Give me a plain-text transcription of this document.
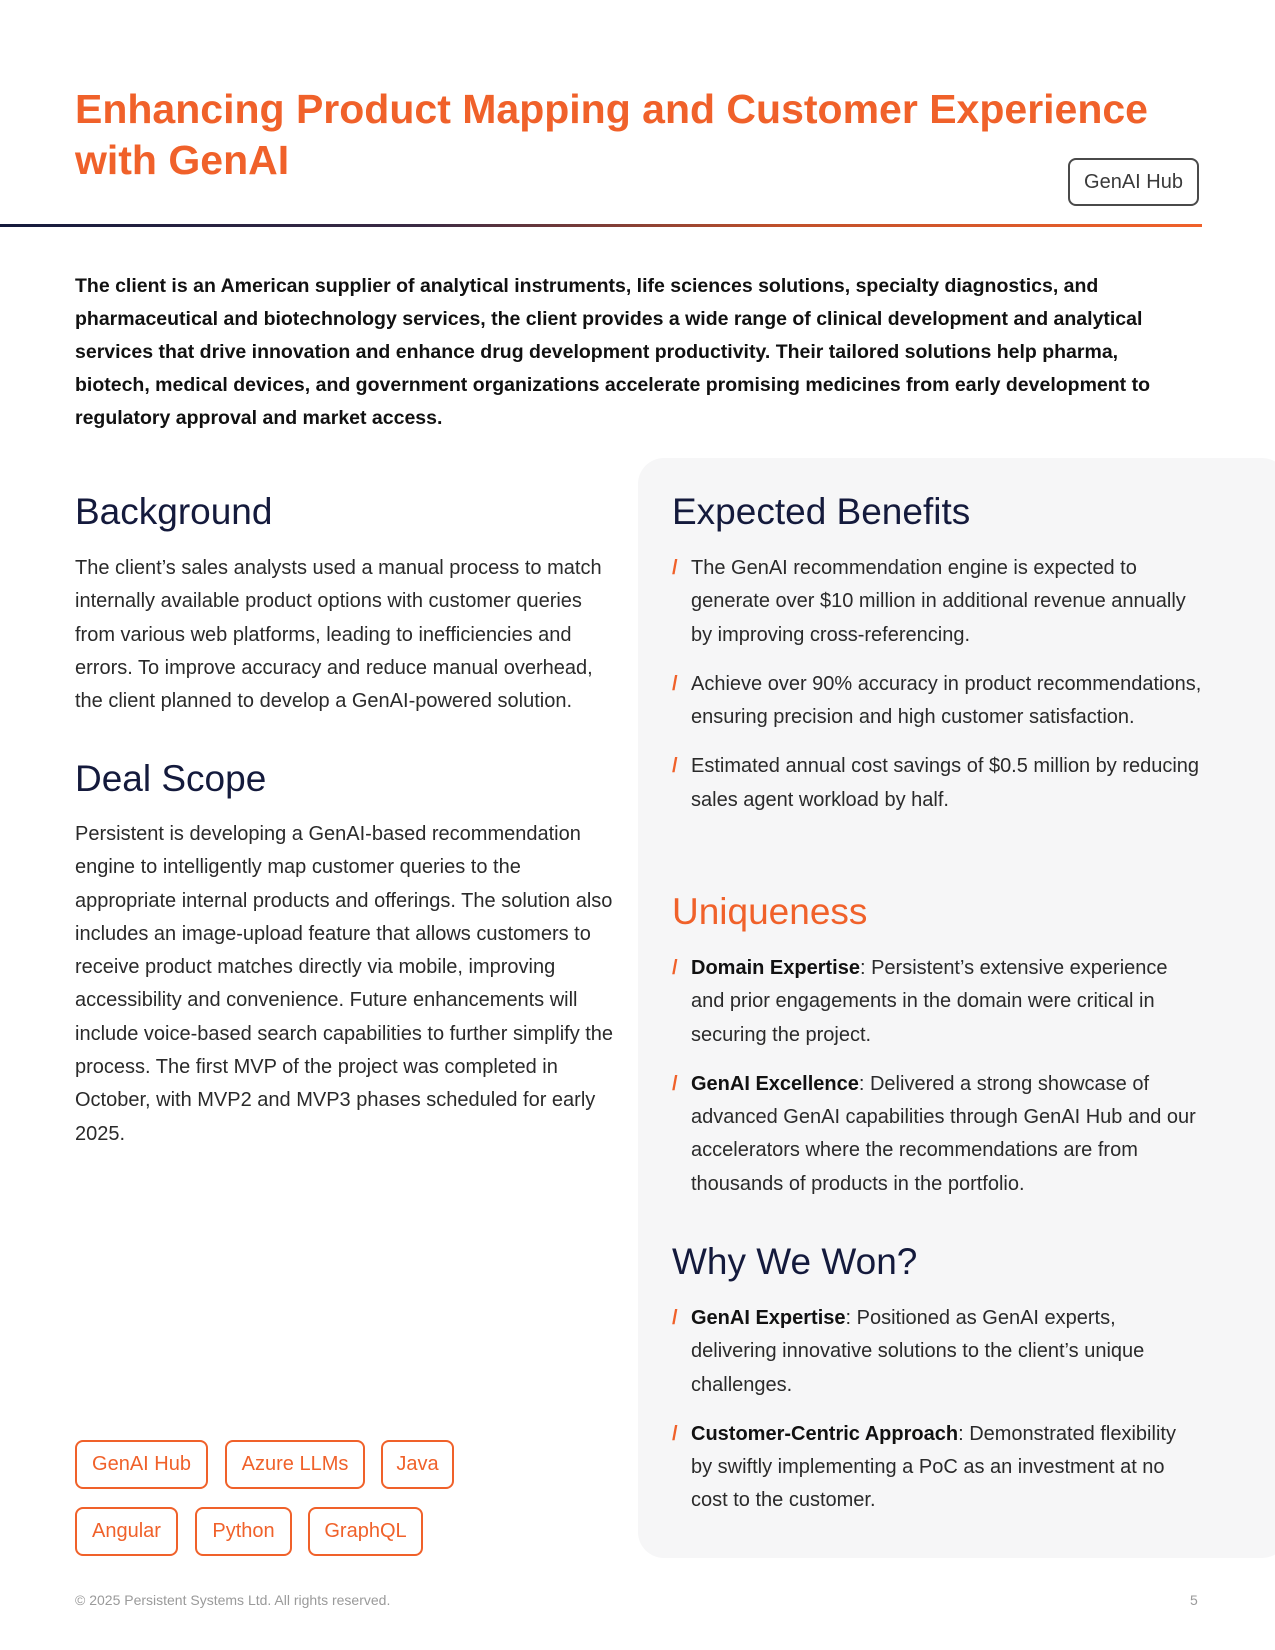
Enhancing Product Mapping and Customer Experience with GenAI	GenAI Hub

The client is an American supplier of analytical instruments, life sciences solutions, specialty diagnostics, and pharmaceutical and biotechnology services, the client provides a wide range of clinical development and analytical services that drive innovation and enhance drug development productivity. Their tailored solutions help pharma, biotech, medical devices, and government organizations accelerate promising medicines from early development to regulatory approval and market access.

Background

The client’s sales analysts used a manual process to match internally available product options with customer queries from various web platforms, leading to inefficiencies and errors. To improve accuracy and reduce manual overhead, the client planned to develop a GenAI-powered solution.

Deal Scope

Persistent is developing a GenAI-based recommendation engine to intelligently map customer queries to the appropriate internal products and offerings. The solution also includes an image-upload feature that allows customers to receive product matches directly via mobile, improving accessibility and convenience. Future enhancements will include voice-based search capabilities to further simplify the process. The first MVP of the project was completed in October, with MVP2 and MVP3 phases scheduled for early 2025.

Expected Benefits
/ The GenAI recommendation engine is expected to generate over $10 million in additional revenue annually by improving cross-referencing.
/ Achieve over 90% accuracy in product recommendations, ensuring precision and high customer satisfaction.
/ Estimated annual cost savings of $0.5 million by reducing sales agent workload by half.
Uniqueness
/ Domain Expertise: Persistent’s extensive experience and prior engagements in the domain were critical in securing the project.
/ GenAI Excellence: Delivered a strong showcase of advanced GenAI capabilities through GenAI Hub and our accelerators where the recommendations are from thousands of products in the portfolio.
Why We Won?
/ GenAI Expertise: Positioned as GenAI experts, delivering innovative solutions to the client’s unique challenges.
/ Customer-Centric Approach: Demonstrated flexibility by swiftly implementing a PoC as an investment at no cost to the customer.
GenAI Hub	Azure LLMs	Java
Angular	Python	GraphQL
© 2025 Persistent Systems Ltd. All rights reserved.	5
